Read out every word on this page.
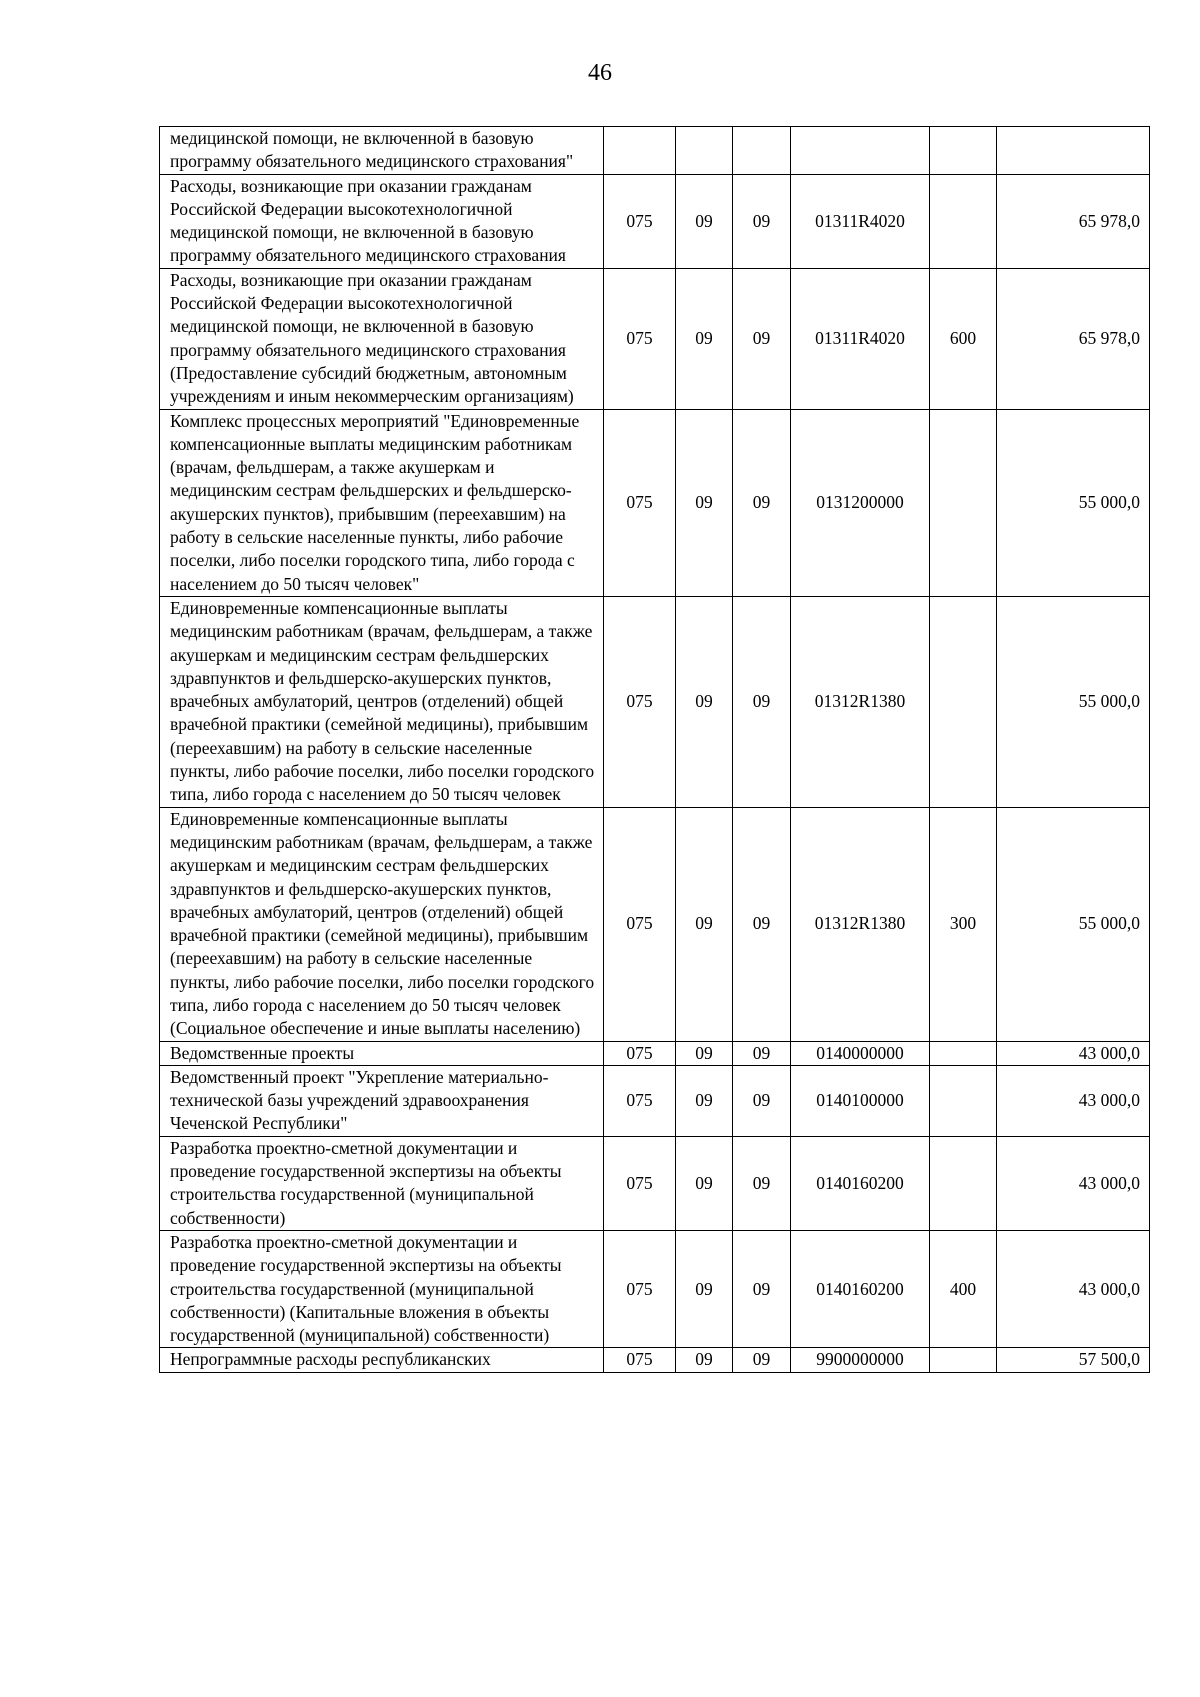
46
медицинской помощи, не включенной в базовую программу обязательного медицинского страхования"						
Расходы, возникающие при оказании гражданам Российской Федерации высокотехнологичной медицинской помощи, не включенной в базовую программу обязательного медицинского страхования	075	09	09	01311R4020		65 978,0
Расходы, возникающие при оказании гражданам Российской Федерации высокотехнологичной медицинской помощи, не включенной в базовую программу обязательного медицинского страхования (Предоставление субсидий бюджетным, автономным учреждениям и иным некоммерческим организациям)	075	09	09	01311R4020	600	65 978,0
Комплекс процессных мероприятий "Единовременные компенсационные выплаты медицинским работникам (врачам, фельдшерам, а также акушеркам и медицинским сестрам фельдшерских и фельдшерско-акушерских пунктов), прибывшим (переехавшим) на работу в сельские населенные пункты, либо рабочие поселки, либо поселки городского типа, либо города с населением до 50 тысяч человек"	075	09	09	0131200000		55 000,0
Единовременные компенсационные выплаты медицинским работникам (врачам, фельдшерам, а также акушеркам и медицинским сестрам фельдшерских здравпунктов и фельдшерско-акушерских пунктов, врачебных амбулаторий, центров (отделений) общей врачебной практики (семейной медицины), прибывшим (переехавшим) на работу в сельские населенные пункты, либо рабочие поселки, либо поселки городского типа, либо города с населением до 50 тысяч человек	075	09	09	01312R1380		55 000,0
Единовременные компенсационные выплаты медицинским работникам (врачам, фельдшерам, а также акушеркам и медицинским сестрам фельдшерских здравпунктов и фельдшерско-акушерских пунктов, врачебных амбулаторий, центров (отделений) общей врачебной практики (семейной медицины), прибывшим (переехавшим) на работу в сельские населенные пункты, либо рабочие поселки, либо поселки городского типа, либо города с населением до 50 тысяч человек (Социальное обеспечение и иные выплаты населению)	075	09	09	01312R1380	300	55 000,0
Ведомственные проекты	075	09	09	0140000000		43 000,0
Ведомственный проект "Укрепление материально-технической базы учреждений здравоохранения Чеченской Республики"	075	09	09	0140100000		43 000,0
Разработка проектно-сметной документации и проведение государственной экспертизы на объекты строительства государственной (муниципальной собственности)	075	09	09	0140160200		43 000,0
Разработка проектно-сметной документации и проведение государственной экспертизы на объекты строительства государственной (муниципальной собственности) (Капитальные вложения в объекты государственной (муниципальной) собственности)	075	09	09	0140160200	400	43 000,0
Непрограммные расходы республиканских	075	09	09	9900000000		57 500,0
